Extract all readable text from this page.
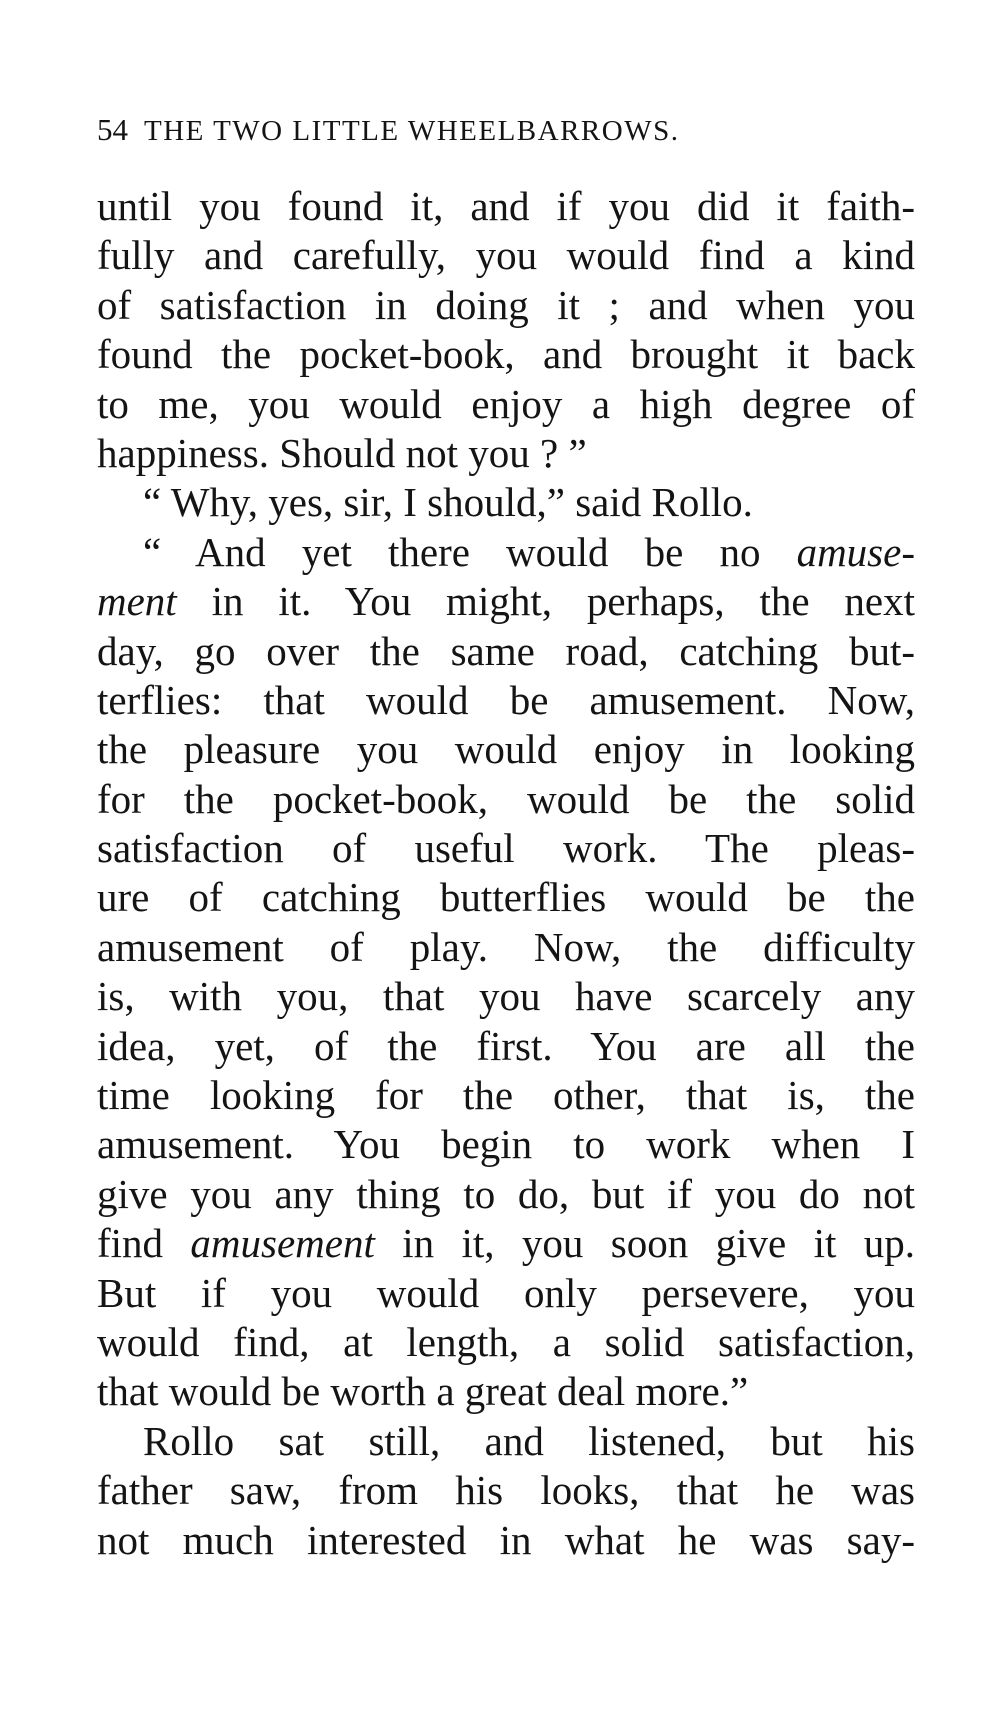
54 THE TWO LITTLE WHEELBARROWS.
until you found it, and if you did it faith-
fully and carefully, you would find a kind
of satisfaction in doing it ; and when you
found the pocket-book, and brought it back
to me, you would enjoy a high degree of
happiness. Should not you ? ”
“ Why, yes, sir, I should,” said Rollo.
“ And yet there would be no amuse-
ment in it. You might, perhaps, the next
day, go over the same road, catching but-
terflies: that would be amusement. Now,
the pleasure you would enjoy in looking
for the pocket-book, would be the solid
satisfaction of useful work. The pleas-
ure of catching butterflies would be the
amusement of play. Now, the difficulty
is, with you, that you have scarcely any
idea, yet, of the first. You are all the
time looking for the other, that is, the
amusement. You begin to work when I
give you any thing to do, but if you do not
find amusement in it, you soon give it up.
But if you would only persevere, you
would find, at length, a solid satisfaction,
that would be worth a great deal more.”
Rollo sat still, and listened, but his
father saw, from his looks, that he was
not much interested in what he was say-
